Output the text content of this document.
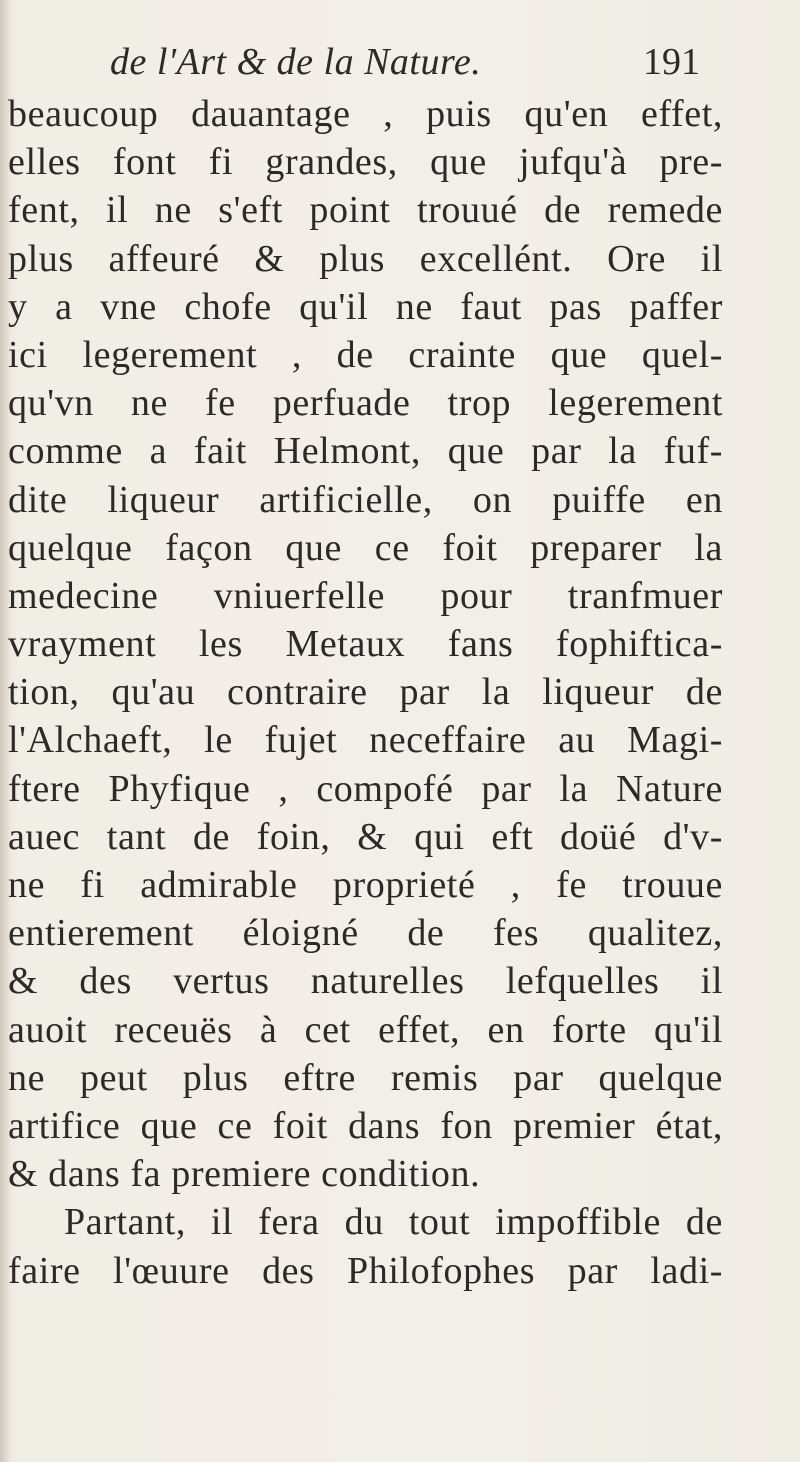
de l'Art & de la Nature.	191
beaucoup dauantage , puis qu'en effet,
elles font fi grandes, que jufqu'à pre-
fent, il ne s'eft point trouué de remede
plus affeuré & plus excellént. Ore il
y a vne chofe qu'il ne faut pas paffer
ici legerement , de crainte que quel-
qu'vn ne fe perfuade trop legerement
comme a fait Helmont, que par la fuf-
dite liqueur artificielle, on puiffe en
quelque façon que ce foit preparer la
medecine vniuerfelle pour tranfmuer
vrayment les Metaux fans fophiftica-
tion, qu'au contraire par la liqueur de
l'Alchaeft, le fujet neceffaire au Magi-
ftere Phyfique , compofé par la Nature
auec tant de foin, & qui eft doüé d'v-
ne fi admirable proprieté , fe trouue
entierement éloigné de fes qualitez,
& des vertus naturelles lefquelles il
auoit receuës à cet effet, en forte qu'il
ne peut plus eftre remis par quelque
artifice que ce foit dans fon premier état,
& dans fa premiere condition.
Partant, il fera du tout impoffible de
faire l'œuure des Philofophes par ladi-
